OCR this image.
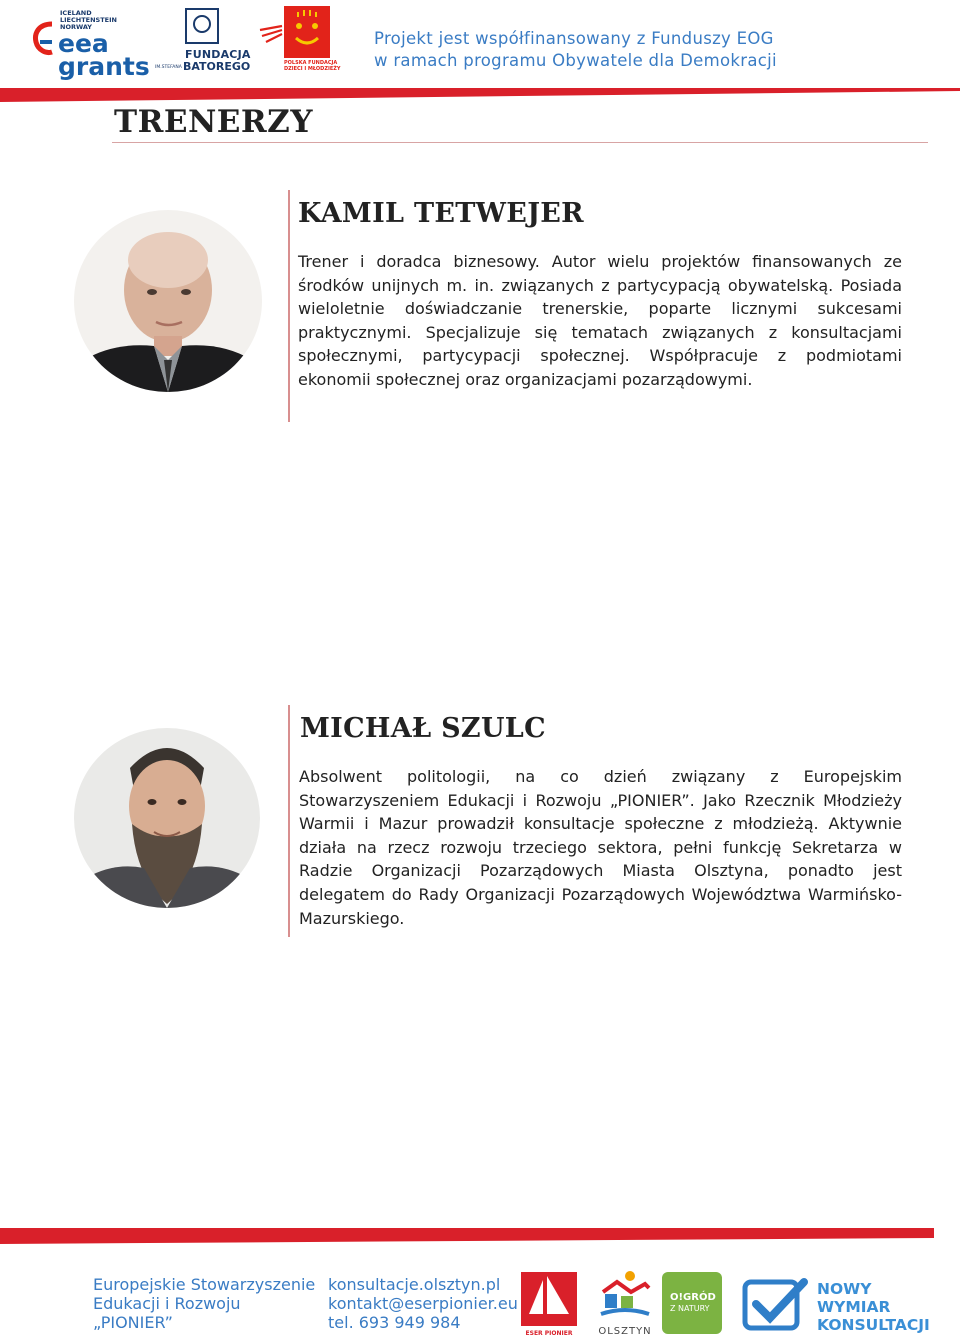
ICELAND
LIECHTENSTEIN
NORWAY
eea
grants IM.STEFANA
FUNDACJA
BATOREGO	POLSKA FUNDACJA DZIECI I MŁODZIEŻY
Projekt jest współfinansowany z Funduszy EOG
w ramach programu Obywatele dla Demokracji
TRENERZY
KAMIL TETWEJER

Trener i doradca biznesowy. Autor wielu projektów finansowanych ze środków unijnych m. in. związanych z partycypacją obywatelską. Posiada wieloletnie doświadczanie trenerskie, poparte licznymi sukcesami praktycznymi. Specjalizuje się tematach związanych z konsultacjami społecznymi, partycypacji społecznej. Współpracuje z podmiotami ekonomii społecznej oraz organizacjami pozarządowymi.

MICHAŁ SZULC

Absolwent politologii, na co dzień związany z Europejskim Stowarzyszeniem Edukacji i Rozwoju „PIONIER”. Jako Rzecznik Młodzieży Warmii i Mazur prowadził konsultacje społeczne z młodzieżą. Aktywnie działa na rzecz rozwoju trzeciego sektora, pełni funkcję Sekretarza w Radzie Organizacji Pozarządowych Miasta Olsztyna, ponadto jest delegatem do Rady Organizacji Pozarządowych Województwa Warmińsko-Mazurskiego.

Europejskie Stowarzyszenie
Edukacji i Rozwoju
„PIONIER”
konsultacje.olsztyn.pl
kontakt@eserpionier.eu
tel. 693 949 984
ESER PIONIER	OLSZTYN
O!GRÓD
Z NATURY
NOWY
WYMIAR
KONSULTACJI
